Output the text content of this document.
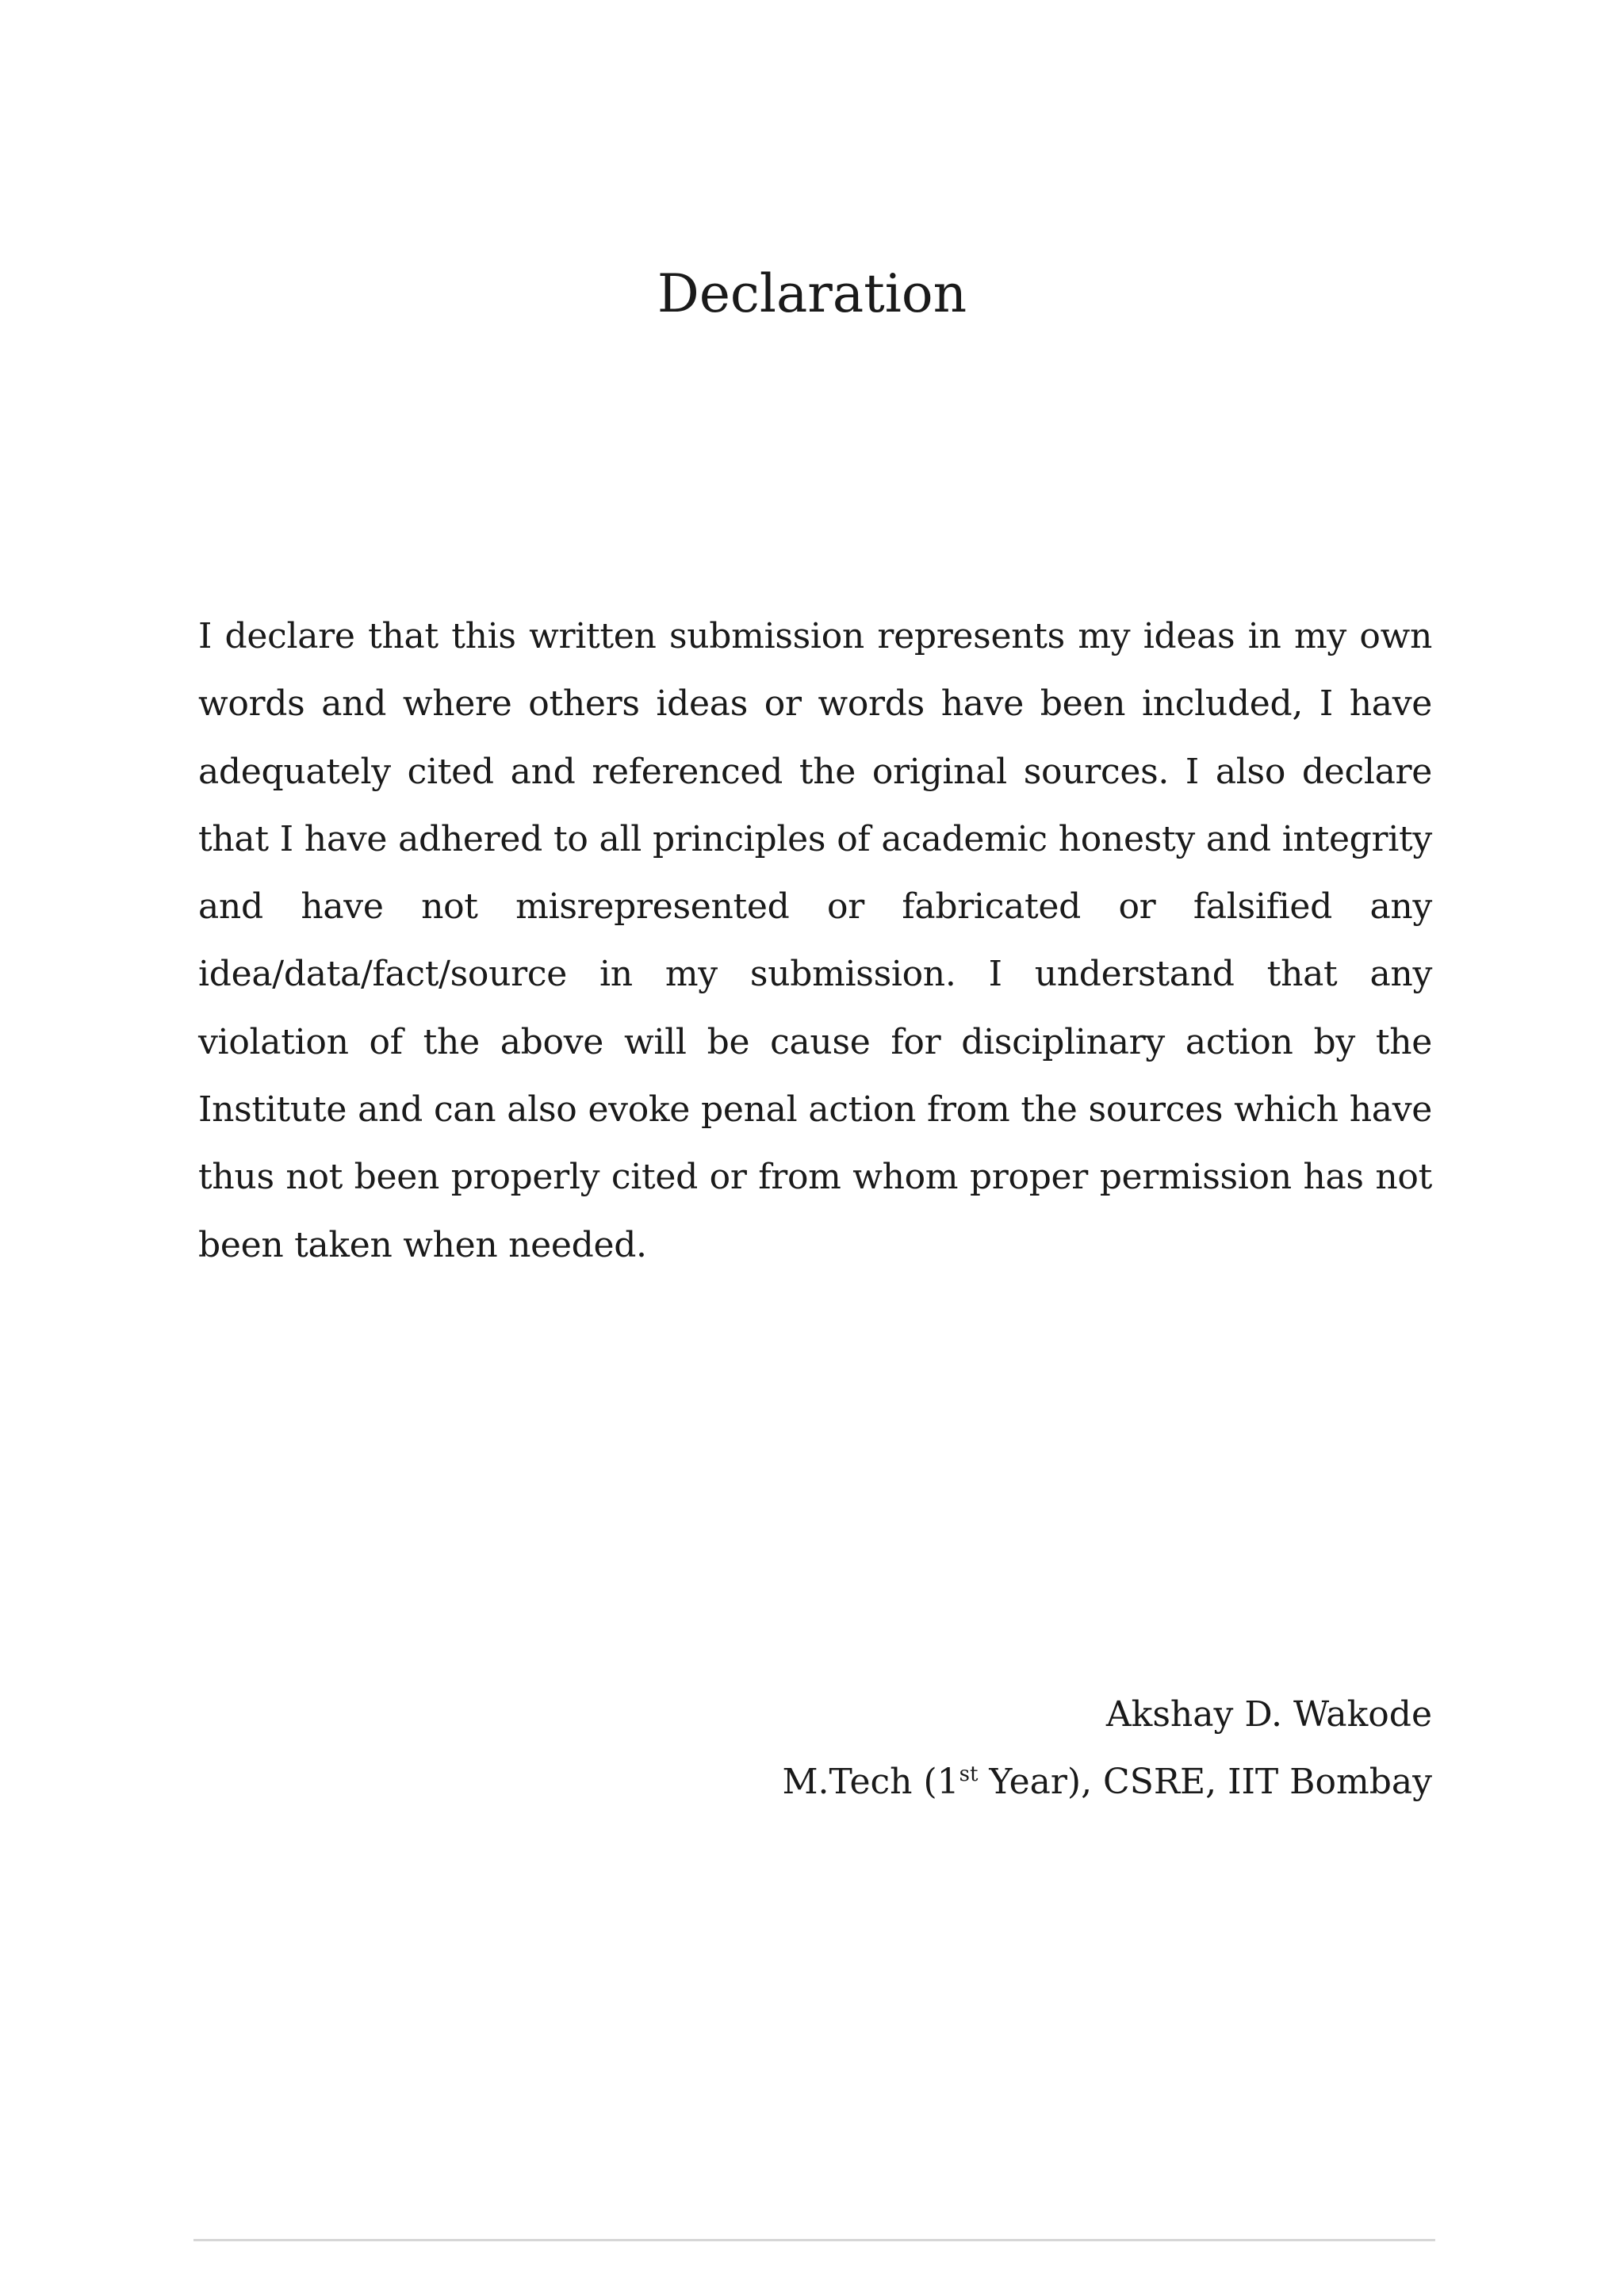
Declaration

I declare that this written submission represents my ideas in my own words and where others ideas or words have been included, I have adequately cited and referenced the original sources. I also declare that I have adhered to all principles of academic honesty and integrity and have not misrepresented or fabricated or falsified any idea/data/fact/source in my submission. I understand that any violation of the above will be cause for disciplinary action by the Institute and can also evoke penal action from the sources which have thus not been properly cited or from whom proper permission has not been taken when needed.

Akshay D. Wakode
M.Tech (1st Year), CSRE, IIT Bombay
